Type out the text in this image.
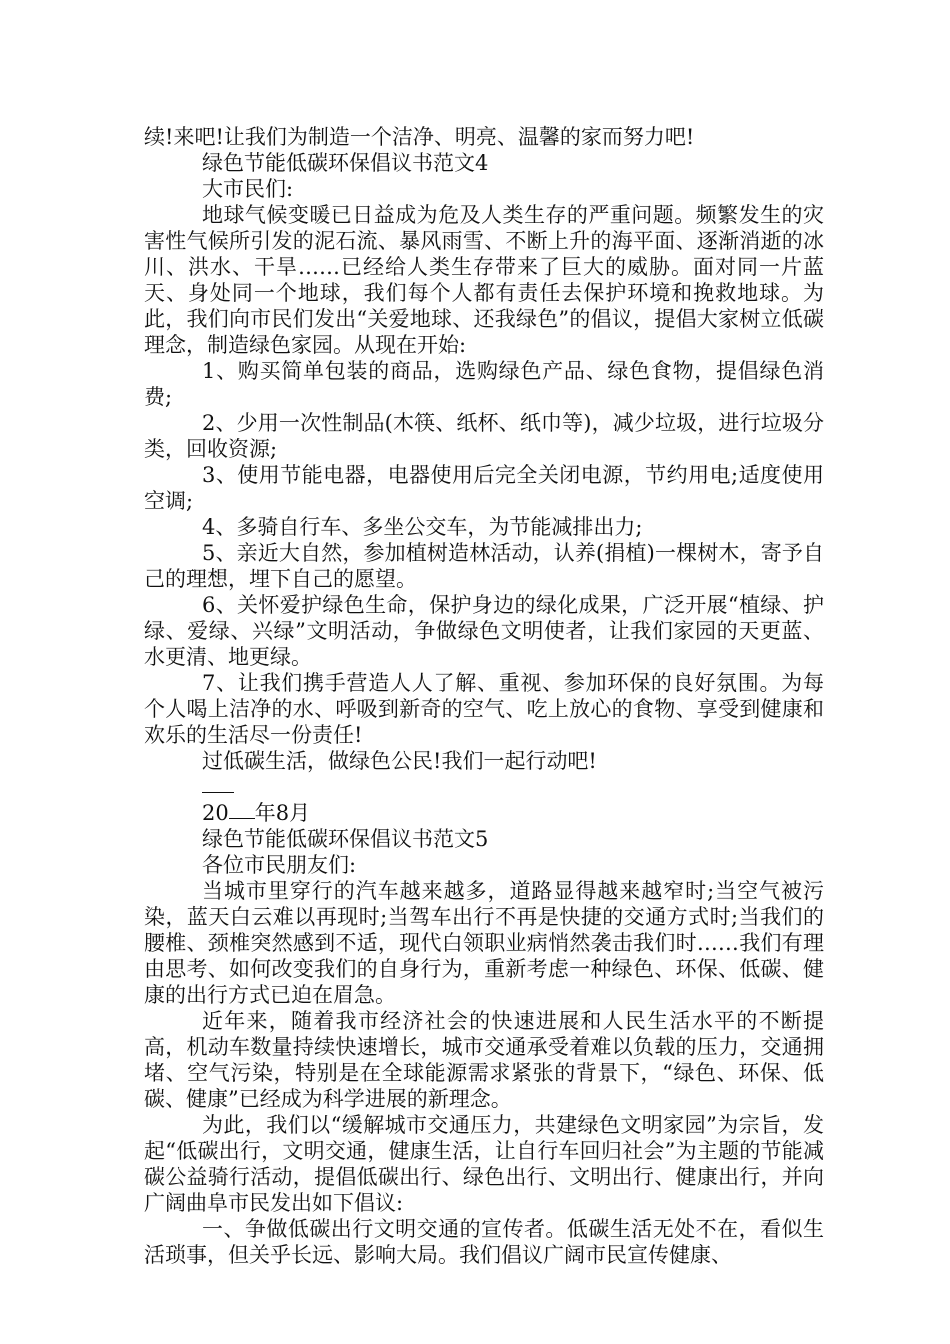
续!来吧!让我们为制造一个洁净、明亮、温馨的家而努力吧!

绿色节能低碳环保倡议书范文4

大市民们:

地球气候变暖已日益成为危及人类生存的严重问题。频繁发生的灾害性气候所引发的泥石流、暴风雨雪、不断上升的海平面、逐渐消逝的冰川、洪水、干旱……已经给人类生存带来了巨大的威胁。面对同一片蓝天、身处同一个地球，我们每个人都有责任去保护环境和挽救地球。为此，我们向市民们发出“关爱地球、还我绿色”的倡议，提倡大家树立低碳理念，制造绿色家园。从现在开始:

1、购买简单包装的商品，选购绿色产品、绿色食物，提倡绿色消费;

2、少用一次性制品(木筷、纸杯、纸巾等)，减少垃圾，进行垃圾分类，回收资源;

3、使用节能电器，电器使用后完全关闭电源，节约用电;适度使用空调;

4、多骑自行车、多坐公交车，为节能减排出力;

5、亲近大自然，参加植树造林活动，认养(捐植)一棵树木，寄予自己的理想，埋下自己的愿望。

6、关怀爱护绿色生命，保护身边的绿化成果，广泛开展“植绿、护绿、爱绿、兴绿”文明活动，争做绿色文明使者，让我们家园的天更蓝、水更清、地更绿。

7、让我们携手营造人人了解、重视、参加环保的良好氛围。为每个人喝上洁净的水、呼吸到新奇的空气、吃上放心的食物、享受到健康和欢乐的生活尽一份责任!

过低碳生活，做绿色公民!我们一起行动吧!

20 年8月

绿色节能低碳环保倡议书范文5

各位市民朋友们:

当城市里穿行的汽车越来越多，道路显得越来越窄时;当空气被污染，蓝天白云难以再现时;当驾车出行不再是快捷的交通方式时;当我们的腰椎、颈椎突然感到不适，现代白领职业病悄然袭击我们时……我们有理由思考、如何改变我们的自身行为，重新考虑一种绿色、环保、低碳、健康的出行方式已迫在眉急。

近年来，随着我市经济社会的快速进展和人民生活水平的不断提高，机动车数量持续快速增长，城市交通承受着难以负载的压力，交通拥堵、空气污染，特别是在全球能源需求紧张的背景下，“绿色、环保、低碳、健康”已经成为科学进展的新理念。

为此，我们以“缓解城市交通压力，共建绿色文明家园”为宗旨，发起“低碳出行，文明交通，健康生活，让自行车回归社会”为主题的节能减碳公益骑行活动，提倡低碳出行、绿色出行、文明出行、健康出行，并向广阔曲阜市民发出如下倡议:

一、争做低碳出行文明交通的宣传者。低碳生活无处不在，看似生活琐事，但关乎长远、影响大局。我们倡议广阔市民宣传健康、
